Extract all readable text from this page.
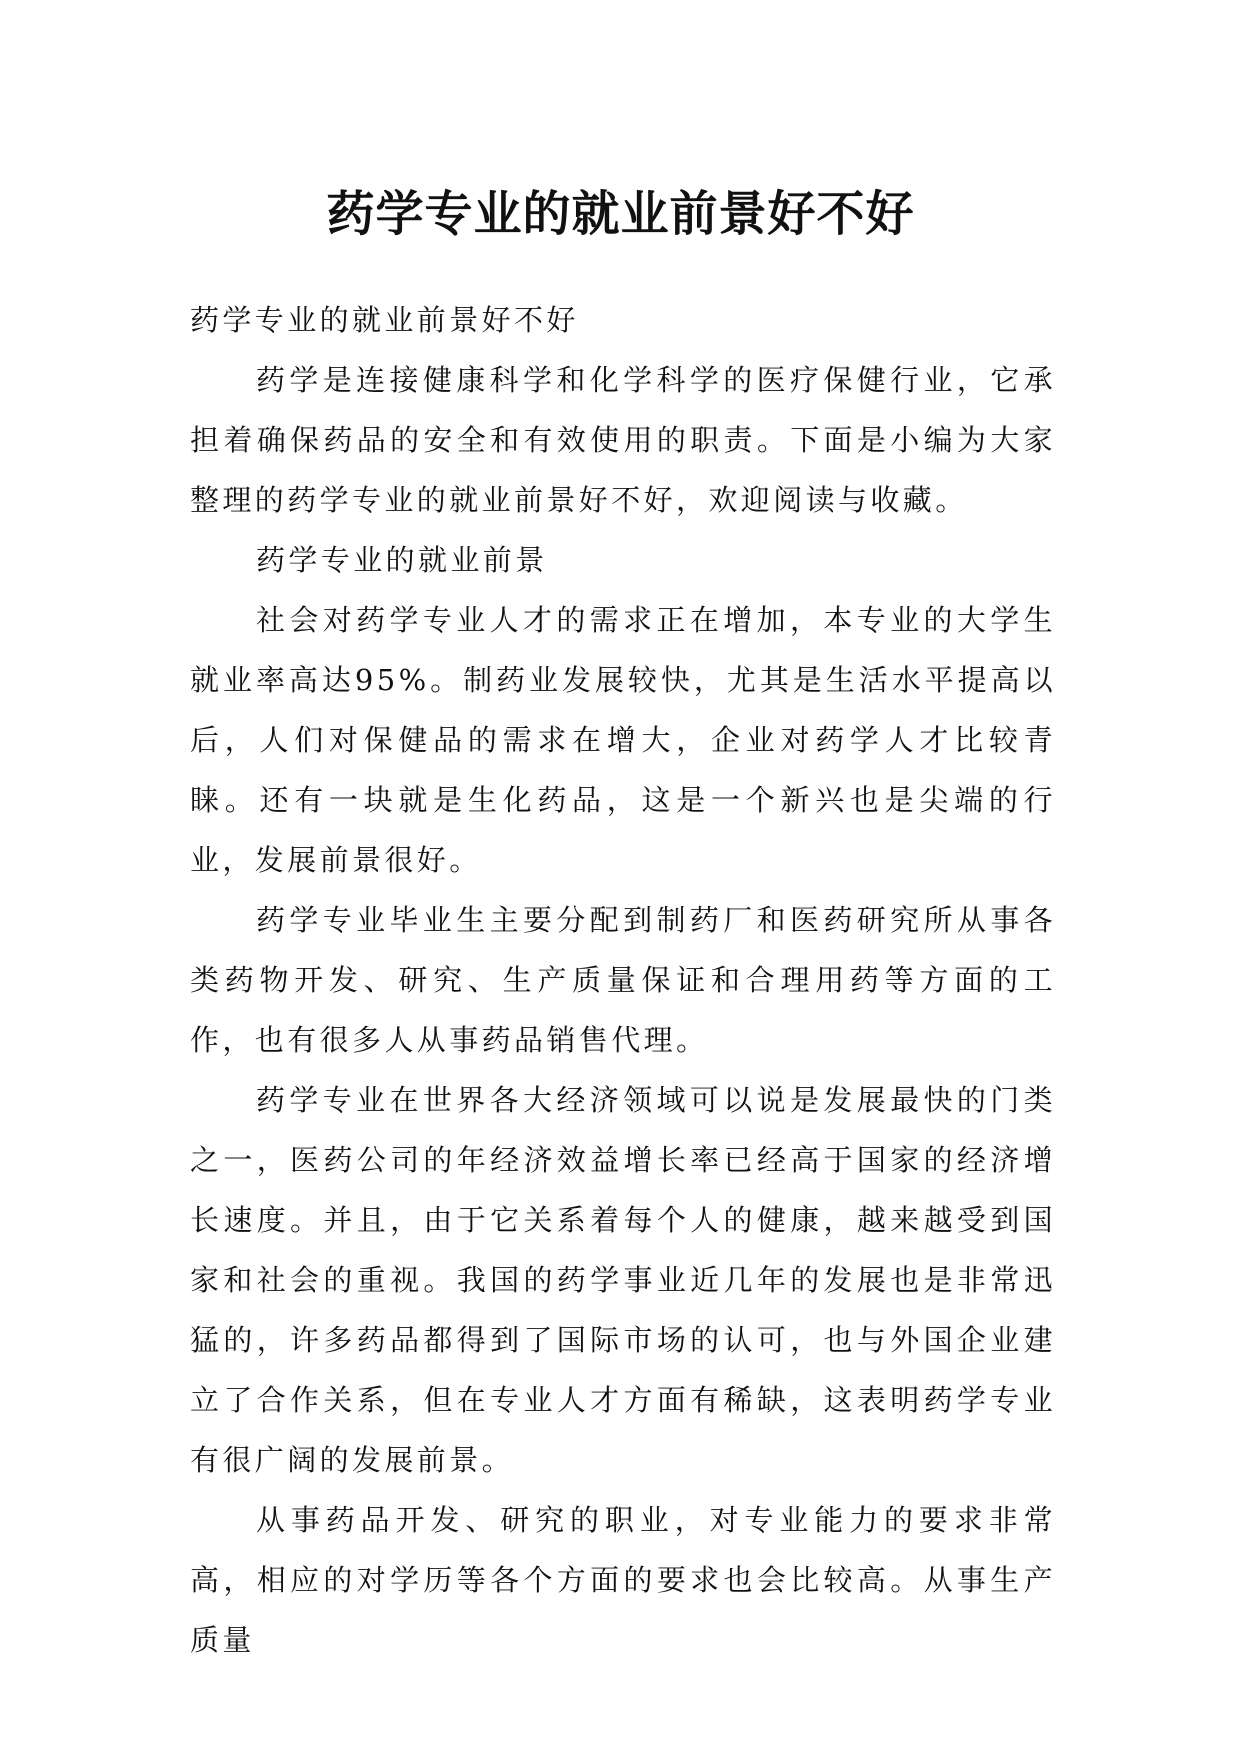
药学专业的就业前景好不好

药学专业的就业前景好不好

药学是连接健康科学和化学科学的医疗保健行业，它承担着确保药品的安全和有效使用的职责。下面是小编为大家整理的药学专业的就业前景好不好，欢迎阅读与收藏。

药学专业的就业前景

社会对药学专业人才的需求正在增加，本专业的大学生就业率高达95%。制药业发展较快，尤其是生活水平提高以后，人们对保健品的需求在增大，企业对药学人才比较青睐。还有一块就是生化药品，这是一个新兴也是尖端的行业，发展前景很好。

药学专业毕业生主要分配到制药厂和医药研究所从事各类药物开发、研究、生产质量保证和合理用药等方面的工作，也有很多人从事药品销售代理。

药学专业在世界各大经济领域可以说是发展最快的门类之一，医药公司的年经济效益增长率已经高于国家的经济增长速度。并且，由于它关系着每个人的健康，越来越受到国家和社会的重视。我国的药学事业近几年的发展也是非常迅猛的，许多药品都得到了国际市场的认可，也与外国企业建立了合作关系，但在专业人才方面有稀缺，这表明药学专业有很广阔的发展前景。

从事药品开发、研究的职业，对专业能力的要求非常高，相应的对学历等各个方面的要求也会比较高。从事生产质量
